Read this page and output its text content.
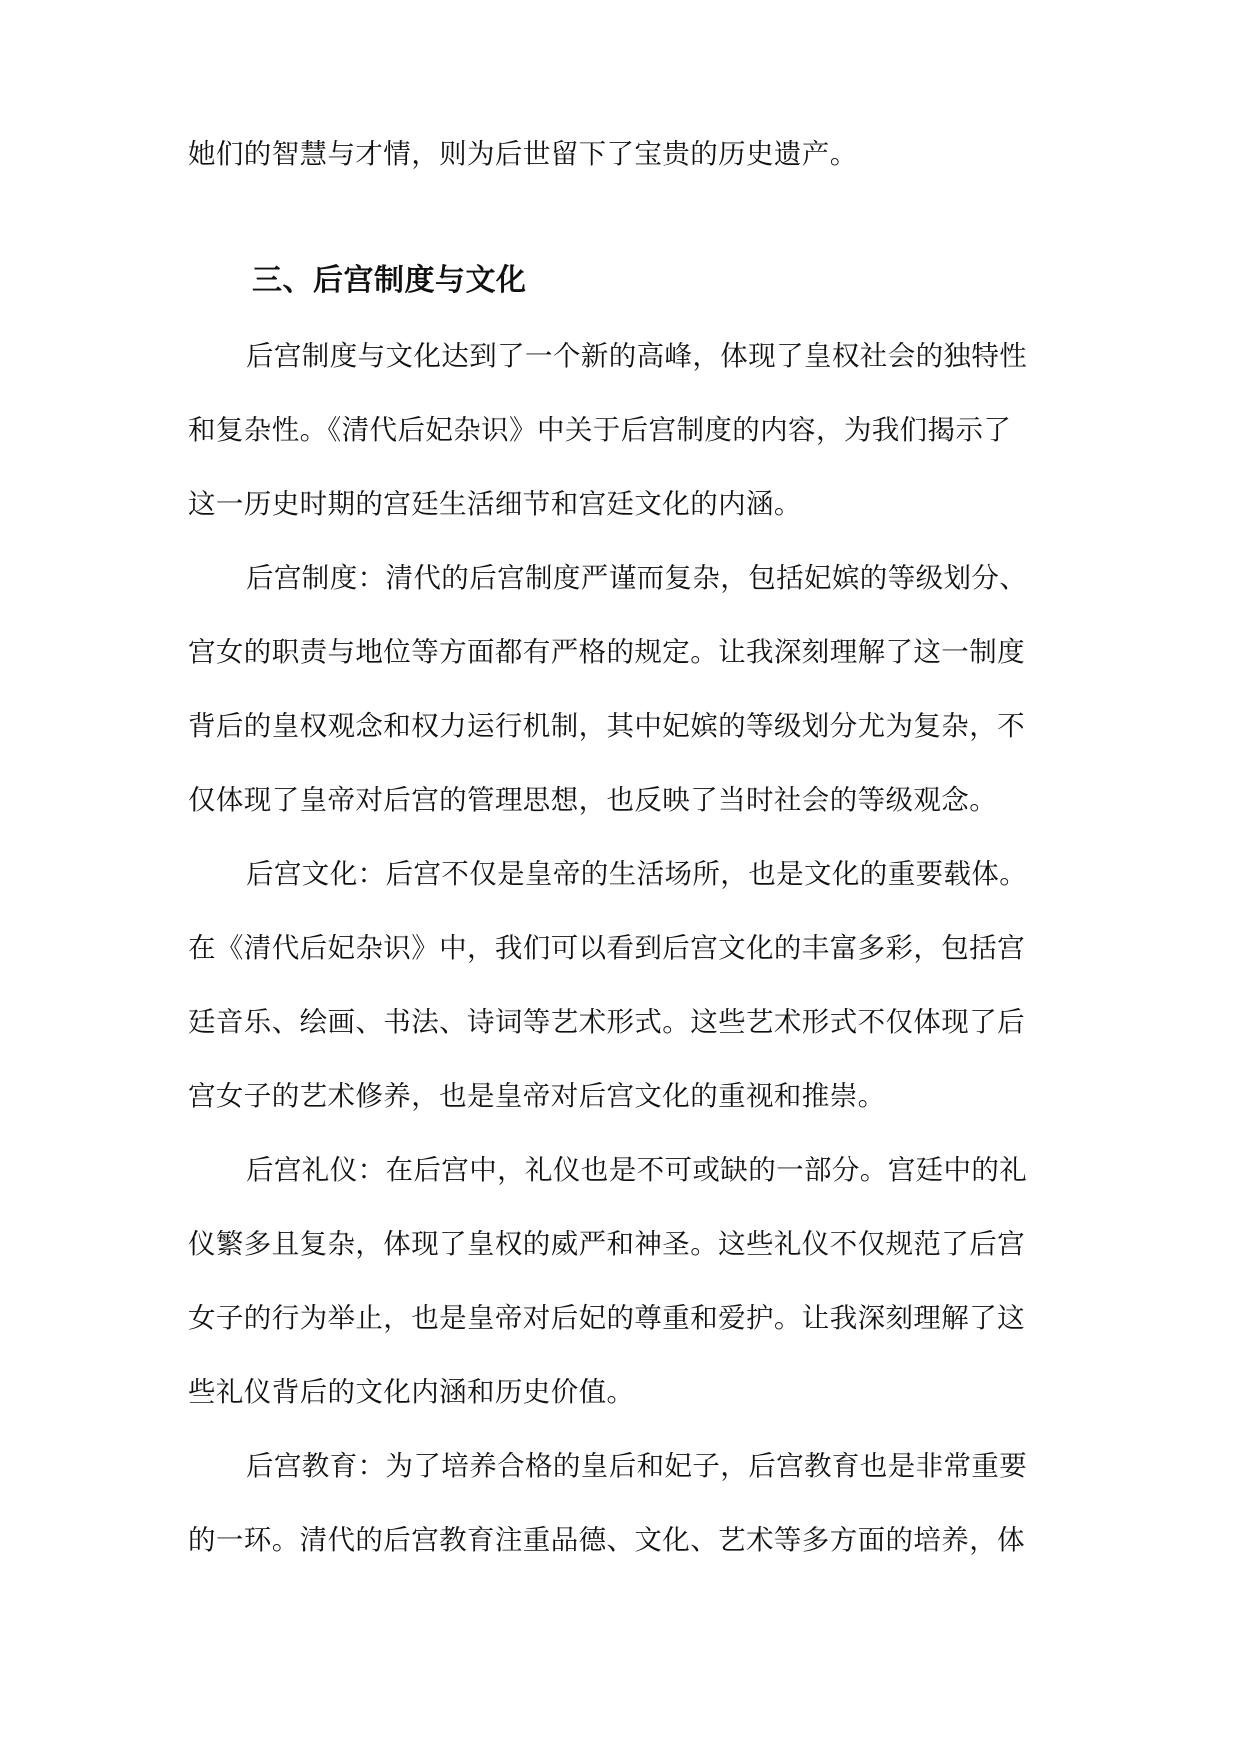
她们的智慧与才情，则为后世留下了宝贵的历史遗产。
三、后宫制度与文化
后宫制度与文化达到了一个新的高峰，体现了皇权社会的独特性
和复杂性。《清代后妃杂识》中关于后宫制度的内容，为我们揭示了
这一历史时期的宫廷生活细节和宫廷文化的内涵。
后宫制度：清代的后宫制度严谨而复杂，包括妃嫔的等级划分、
宫女的职责与地位等方面都有严格的规定。让我深刻理解了这一制度
背后的皇权观念和权力运行机制，其中妃嫔的等级划分尤为复杂，不
仅体现了皇帝对后宫的管理思想，也反映了当时社会的等级观念。
后宫文化：后宫不仅是皇帝的生活场所，也是文化的重要载体。
在《清代后妃杂识》中，我们可以看到后宫文化的丰富多彩，包括宫
廷音乐、绘画、书法、诗词等艺术形式。这些艺术形式不仅体现了后
宫女子的艺术修养，也是皇帝对后宫文化的重视和推崇。
后宫礼仪：在后宫中，礼仪也是不可或缺的一部分。宫廷中的礼
仪繁多且复杂，体现了皇权的威严和神圣。这些礼仪不仅规范了后宫
女子的行为举止，也是皇帝对后妃的尊重和爱护。让我深刻理解了这
些礼仪背后的文化内涵和历史价值。
后宫教育：为了培养合格的皇后和妃子，后宫教育也是非常重要
的一环。清代的后宫教育注重品德、文化、艺术等多方面的培养，体
